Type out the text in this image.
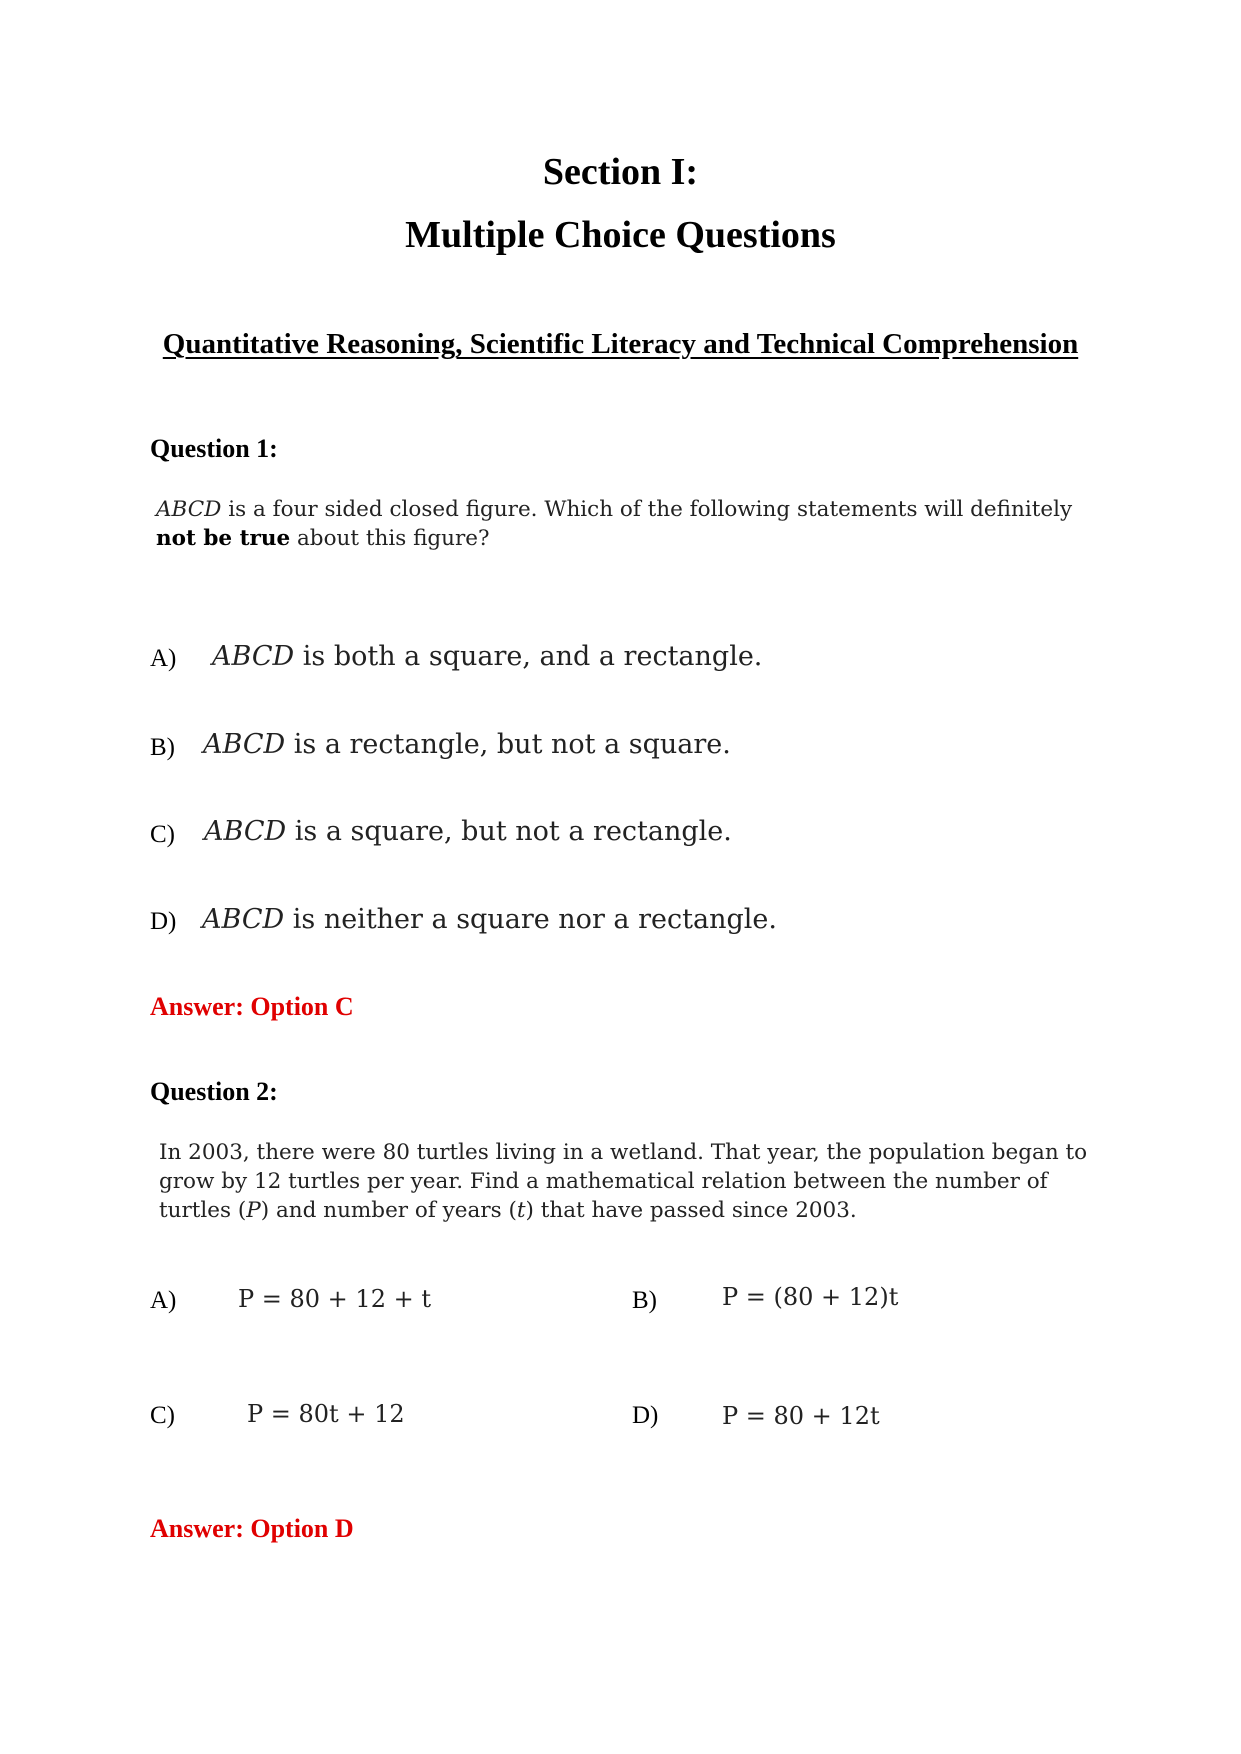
Section I:
Multiple Choice Questions
Quantitative Reasoning, Scientific Literacy and Technical Comprehension
Question 1:
ABCD is a four sided closed figure. Which of the following statements will definitely not be true about this figure?
A) ABCD is both a square, and a rectangle.
B) ABCD is a rectangle, but not a square.
C) ABCD is a square, but not a rectangle.
D) ABCD is neither a square nor a rectangle.
Answer: Option C
Question 2:
In 2003, there were 80 turtles living in a wetland. That year, the population began to grow by 12 turtles per year. Find a mathematical relation between the number of turtles (P) and number of years (t) that have passed since 2003.
A)	P = 80 + 12 + t	B)	P = (80 + 12)t
C)	P = 80t + 12	D)	P = 80 + 12t
Answer: Option D
